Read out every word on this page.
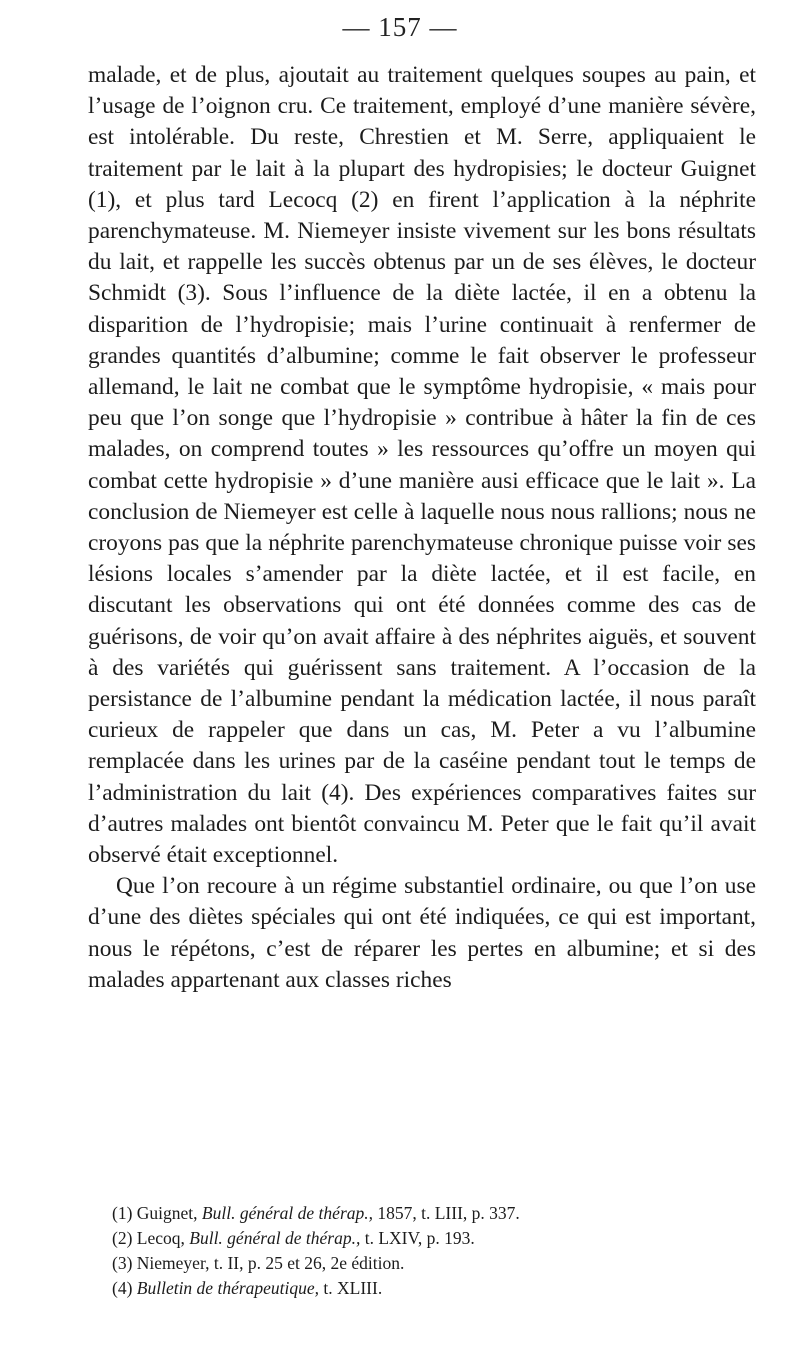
— 157 —

malade, et de plus, ajoutait au traitement quelques soupes au pain, et l’usage de l’oignon cru. Ce traitement, employé d’une manière sévère, est intolérable. Du reste, Chrestien et M. Serre, appliquaient le traitement par le lait à la plupart des hydropisies; le docteur Guignet (1), et plus tard Lecocq (2) en firent l’application à la néphrite parenchymateuse. M. Niemeyer insiste vivement sur les bons résultats du lait, et rappelle les succès obtenus par un de ses élèves, le docteur Schmidt (3). Sous l’influence de la diète lactée, il en a obtenu la disparition de l’hydropisie; mais l’urine continuait à renfermer de grandes quantités d’albumine; comme le fait observer le professeur allemand, le lait ne combat que le symptôme hydropisie, « mais pour peu que l’on songe que l’hydropisie » contribue à hâter la fin de ces malades, on comprend toutes » les ressources qu’offre un moyen qui combat cette hydropisie » d’une manière ausi efficace que le lait ». La conclusion de Niemeyer est celle à laquelle nous nous rallions; nous ne croyons pas que la néphrite parenchymateuse chronique puisse voir ses lésions locales s’amender par la diète lactée, et il est facile, en discutant les observations qui ont été données comme des cas de guérisons, de voir qu’on avait affaire à des néphrites aiguës, et souvent à des variétés qui guérissent sans traitement. A l’occasion de la persistance de l’albumine pendant la médication lactée, il nous paraît curieux de rappeler que dans un cas, M. Peter a vu l’albumine remplacée dans les urines par de la caséine pendant tout le temps de l’administration du lait (4). Des expériences comparatives faites sur d’autres malades ont bientôt convaincu M. Peter que le fait qu’il avait observé était exceptionnel.

Que l’on recoure à un régime substantiel ordinaire, ou que l’on use d’une des diètes spéciales qui ont été indiquées, ce qui est important, nous le répétons, c’est de réparer les pertes en albumine; et si des malades appartenant aux classes riches

(1) Guignet, Bull. général de thérap., 1857, t. LIII, p. 337.
(2) Lecoq, Bull. général de thérap., t. LXIV, p. 193.
(3) Niemeyer, t. II, p. 25 et 26, 2e édition.
(4) Bulletin de thérapeutique, t. XLIII.
